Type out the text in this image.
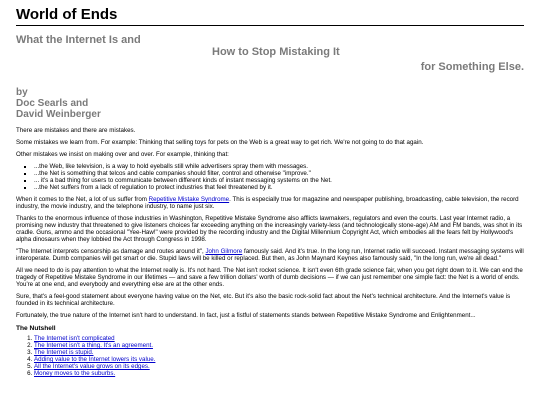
World of Ends
What the Internet Is and
How to Stop Mistaking It
for Something Else.
by
Doc Searls and
David Weinberger

There are mistakes and there are mistakes.

Some mistakes we learn from. For example: Thinking that selling toys for pets on the Web is a great way to get rich. We're not going to do that again.

Other mistakes we insist on making over and over. For example, thinking that:

▪ ...the Web, like television, is a way to hold eyeballs still while advertisers spray them with messages.
▪ ...the Net is something that telcos and cable companies should filter, control and otherwise "improve."
▪ ... it's a bad thing for users to communicate between different kinds of instant messaging systems on the Net.
▪ ...the Net suffers from a lack of regulation to protect industries that feel threatened by it.

When it comes to the Net, a lot of us suffer from Repetitive Mistake Syndrome. This is especially true for magazine and newspaper publishing, broadcasting, cable television, the record industry, the movie industry, and the telephone industry, to name just six.

Thanks to the enormous influence of those industries in Washington, Repetitive Mistake Syndrome also afflicts lawmakers, regulators and even the courts. Last year Internet radio, a promising new industry that threatened to give listeners choices far exceeding anything on the increasingly variety-less (and technologically stone-age) AM and FM bands, was shot in its cradle. Guns, ammo and the occasional "Yee-Haw!" were provided by the recording industry and the Digital Millennium Copyright Act, which embodies all the fears felt by Hollywood's alpha dinosaurs when they lobbied the Act through Congress in 1998.

"The Internet interprets censorship as damage and routes around it", John Gilmore famously said. And it's true. In the long run, Internet radio will succeed. Instant messaging systems will interoperate. Dumb companies will get smart or die. Stupid laws will be killed or replaced. But then, as John Maynard Keynes also famously said, "In the long run, we're all dead."

All we need to do is pay attention to what the Internet really is. It's not hard. The Net isn't rocket science. It isn't even 6th grade science fair, when you get right down to it. We can end the tragedy of Repetitive Mistake Syndrome in our lifetimes — and save a few trillion dollars' worth of dumb decisions — if we can just remember one simple fact: the Net is a world of ends. You're at one end, and everybody and everything else are at the other ends.

Sure, that's a feel-good statement about everyone having value on the Net, etc. But it's also the basic rock-solid fact about the Net's technical architecture. And the Internet's value is founded in its technical architecture.

Fortunately, the true nature of the Internet isn't hard to understand. In fact, just a fistful of statements stands between Repetitive Mistake Syndrome and Enlightenment...

The Nutshell
1. The Internet isn't complicated
2. The Internet isn't a thing. It's an agreement.
3. The Internet is stupid.
4. Adding value to the Internet lowers its value.
5. All the Internet's value grows on its edges.
6. Money moves to the suburbs.
